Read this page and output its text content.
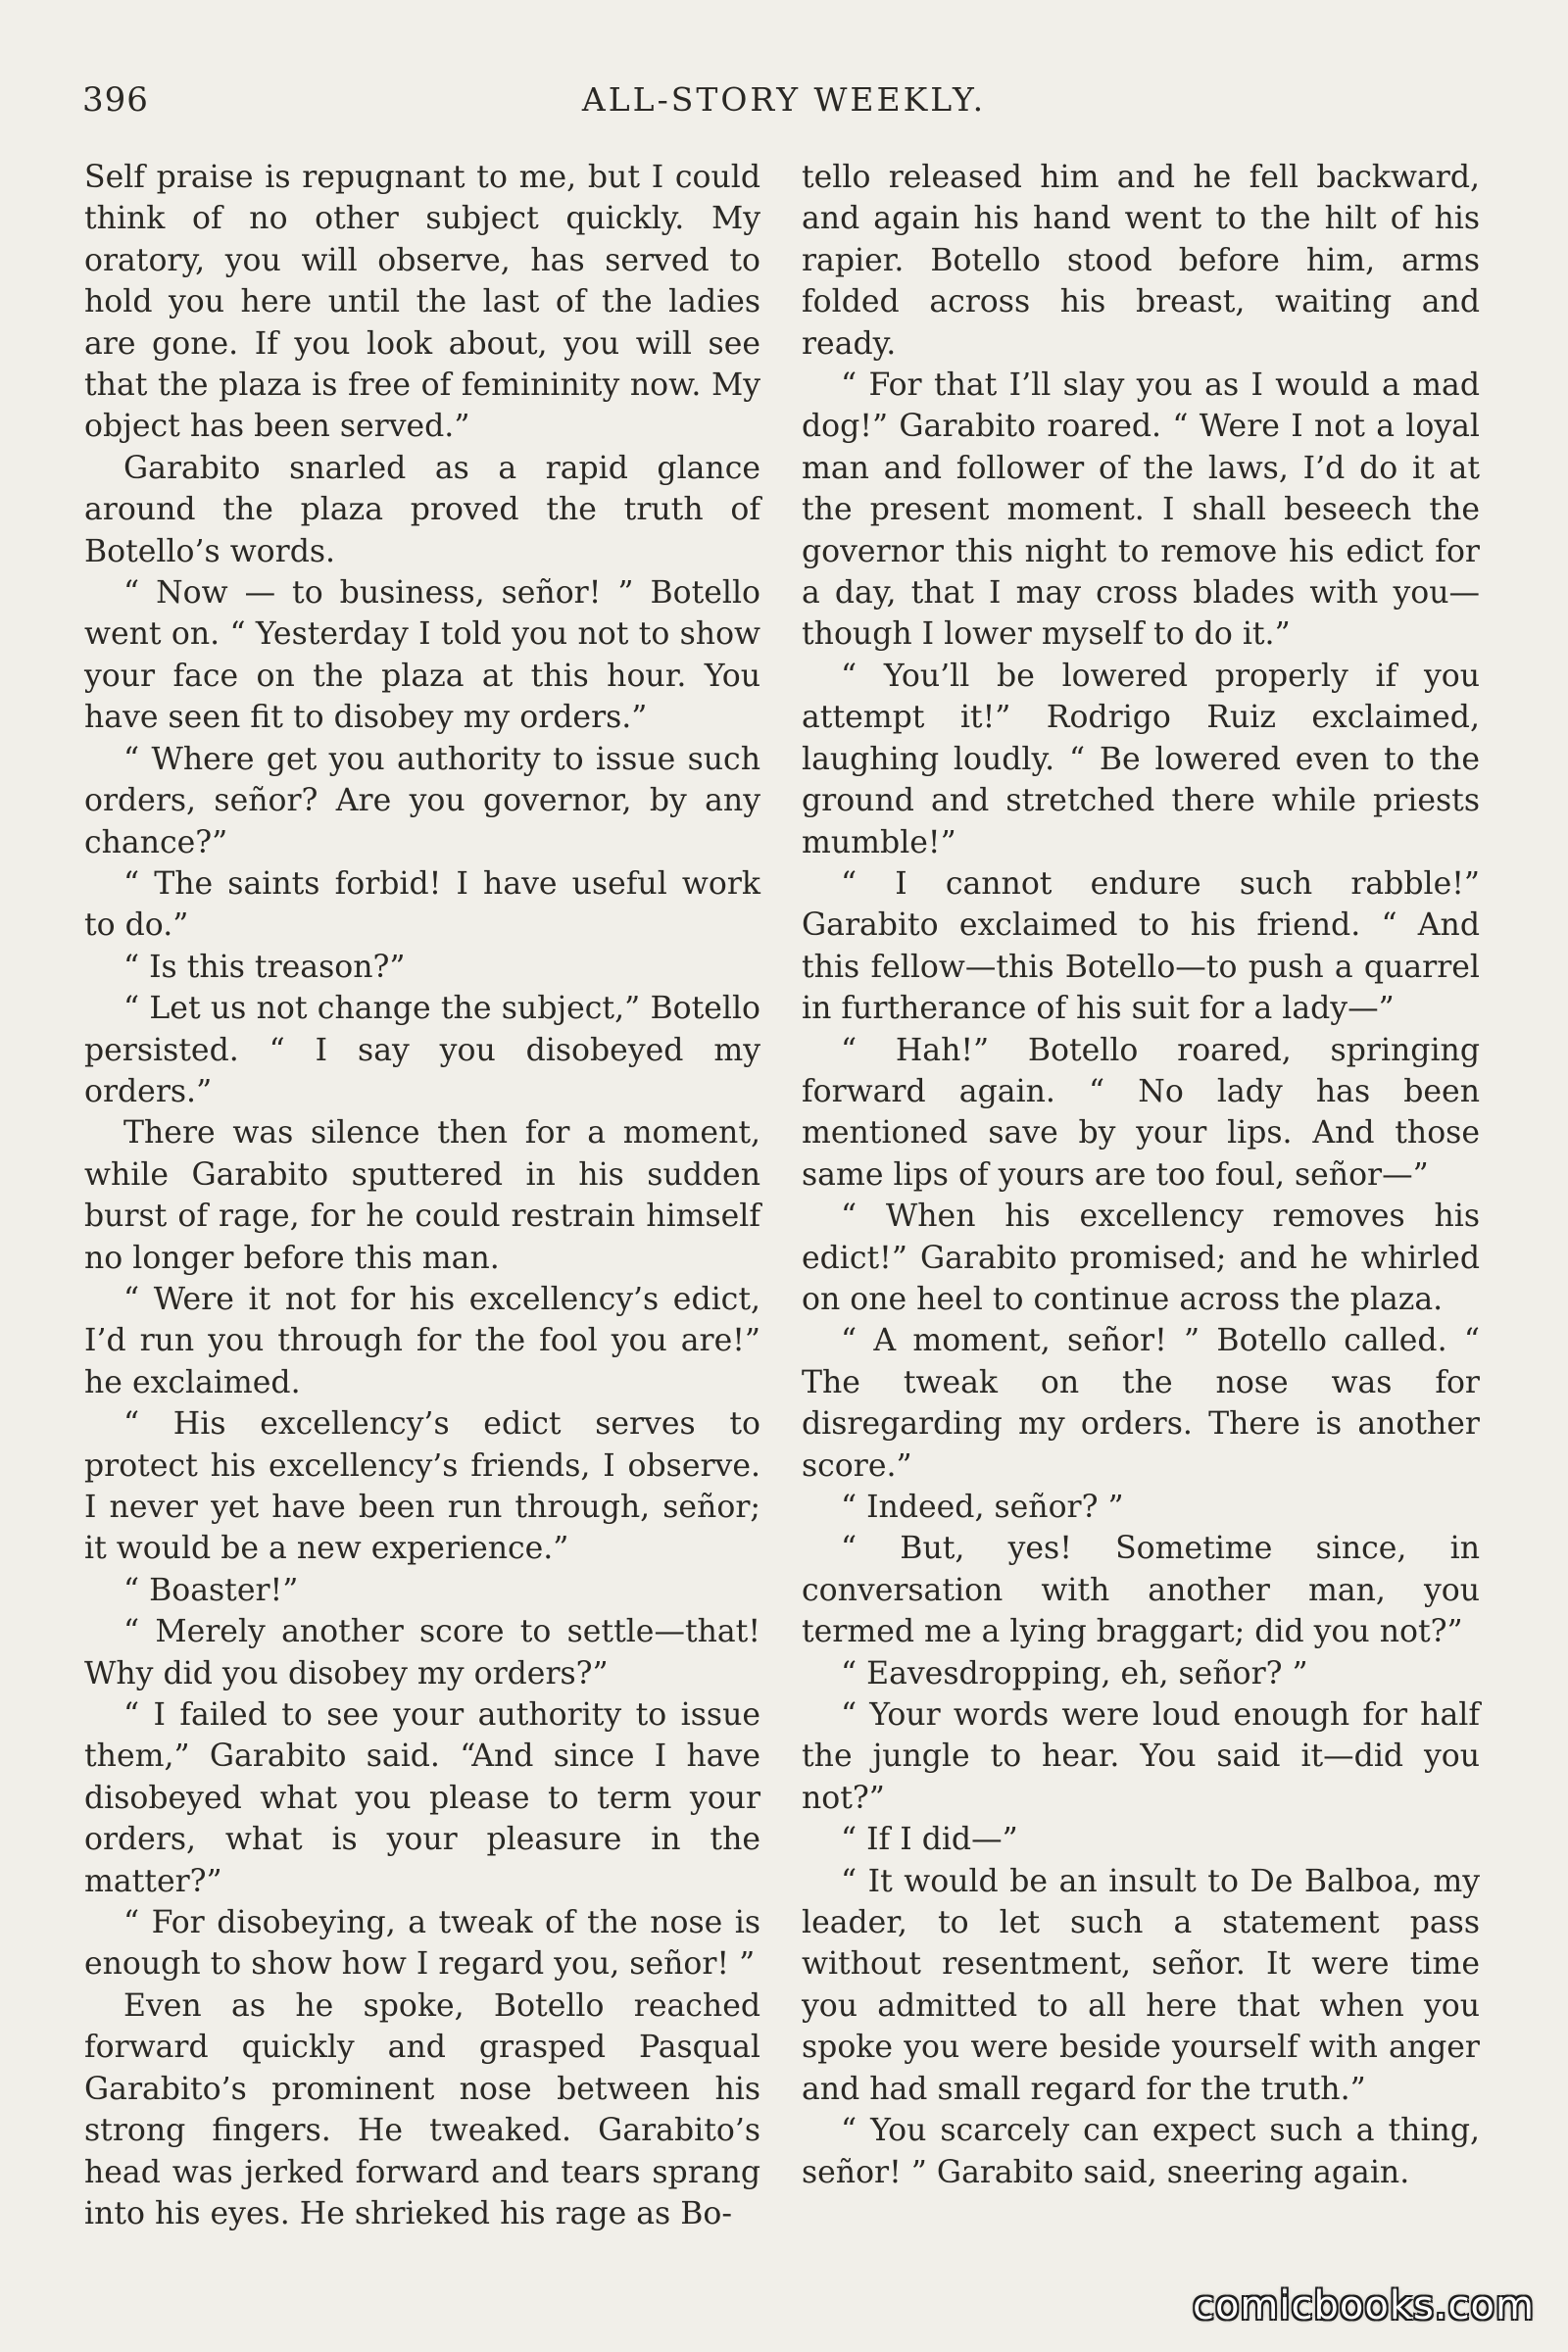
396	ALL-STORY WEEKLY.

Self praise is repugnant to me, but I could think of no other subject quickly. My oratory, you will observe, has served to hold you here until the last of the ladies are gone. If you look about, you will see that the plaza is free of femininity now. My object has been served.”

Garabito snarled as a rapid glance around the plaza proved the truth of Botello’s words.

“ Now — to business, señor! ” Botello went on. “ Yesterday I told you not to show your face on the plaza at this hour. You have seen fit to disobey my orders.”

“ Where get you authority to issue such orders, señor? Are you governor, by any chance?”

“ The saints forbid! I have useful work to do.”

“ Is this treason?”

“ Let us not change the subject,” Botello persisted. “ I say you disobeyed my orders.”

There was silence then for a moment, while Garabito sputtered in his sudden burst of rage, for he could restrain himself no longer before this man.

“ Were it not for his excellency’s edict, I’d run you through for the fool you are!” he exclaimed.

“ His excellency’s edict serves to protect his excellency’s friends, I observe. I never yet have been run through, señor; it would be a new experience.”

“ Boaster!”

“ Merely another score to settle—that! Why did you disobey my orders?”

“ I failed to see your authority to issue them,” Garabito said. “And since I have disobeyed what you please to term your orders, what is your pleasure in the matter?”

“ For disobeying, a tweak of the nose is enough to show how I regard you, señor! ”

Even as he spoke, Botello reached forward quickly and grasped Pasqual Garabito’s prominent nose between his strong fingers. He tweaked. Garabito’s head was jerked forward and tears sprang into his eyes. He shrieked his rage as Bo-

tello released him and he fell backward, and again his hand went to the hilt of his rapier. Botello stood before him, arms folded across his breast, waiting and ready.

“ For that I’ll slay you as I would a mad dog!” Garabito roared. “ Were I not a loyal man and follower of the laws, I’d do it at the present moment. I shall beseech the governor this night to remove his edict for a day, that I may cross blades with you—though I lower myself to do it.”

“ You’ll be lowered properly if you attempt it!” Rodrigo Ruiz exclaimed, laughing loudly. “ Be lowered even to the ground and stretched there while priests mumble!”

“ I cannot endure such rabble!” Garabito exclaimed to his friend. “ And this fellow—this Botello—to push a quarrel in furtherance of his suit for a lady—”

“ Hah!” Botello roared, springing forward again. “ No lady has been mentioned save by your lips. And those same lips of yours are too foul, señor—”

“ When his excellency removes his edict!” Garabito promised; and he whirled on one heel to continue across the plaza.

“ A moment, señor! ” Botello called. “ The tweak on the nose was for disregarding my orders. There is another score.”

“ Indeed, señor? ”

“ But, yes! Sometime since, in conversation with another man, you termed me a lying braggart; did you not?”

“ Eavesdropping, eh, señor? ”

“ Your words were loud enough for half the jungle to hear. You said it—did you not?”

“ If I did—”

“ It would be an insult to De Balboa, my leader, to let such a statement pass without resentment, señor. It were time you admitted to all here that when you spoke you were beside yourself with anger and had small regard for the truth.”

“ You scarcely can expect such a thing, señor! ” Garabito said, sneering again.

comicbooks.com
